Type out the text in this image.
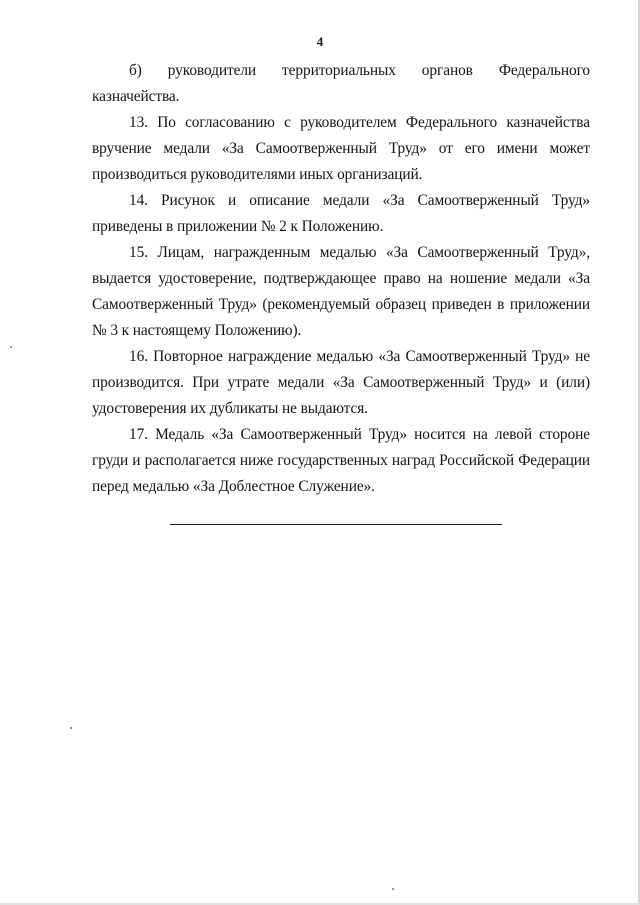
4

б) руководители территориальных органов Федерального казначейства.

13. По согласованию с руководителем Федерального казначейства вручение медали «За Самоотверженный Труд» от его имени может производиться руководителями иных организаций.

14. Рисунок и описание медали «За Самоотверженный Труд» приведены в приложении № 2 к Положению.

15. Лицам, награжденным медалью «За Самоотверженный Труд», выдается удостоверение, подтверждающее право на ношение медали «За Самоотверженный Труд» (рекомендуемый образец приведен в приложении № 3 к настоящему Положению).

16. Повторное награждение медалью «За Самоотверженный Труд» не производится. При утрате медали «За Самоотверженный Труд» и (или) удостоверения их дубликаты не выдаются.

17. Медаль «За Самоотверженный Труд» носится на левой стороне груди и располагается ниже государственных наград Российской Федерации перед медалью «За Доблестное Служение».
